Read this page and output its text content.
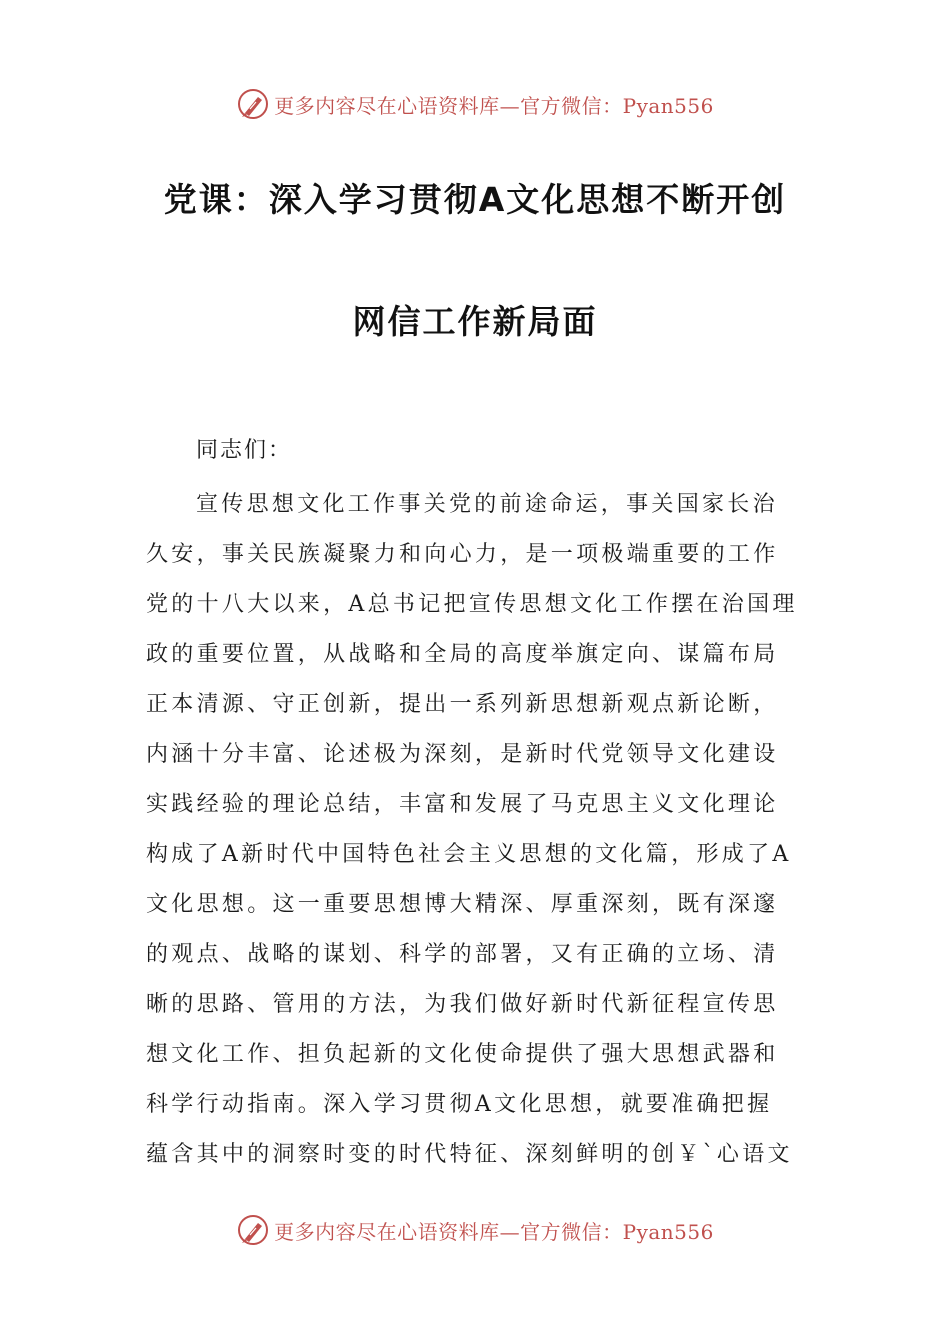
更多内容尽在心语资料库—官方微信：Pyan556
党课：深入学习贯彻A文化思想不断开创
网信工作新局面
同志们：
宣传思想文化工作事关党的前途命运，事关国家长治
久安，事关民族凝聚力和向心力，是一项极端重要的工作
党的十八大以来，A总书记把宣传思想文化工作摆在治国理
政的重要位置，从战略和全局的高度举旗定向、谋篇布局
正本清源、守正创新，提出一系列新思想新观点新论断，
内涵十分丰富、论述极为深刻，是新时代党领导文化建设
实践经验的理论总结，丰富和发展了马克思主义文化理论
构成了A新时代中国特色社会主义思想的文化篇，形成了A
文化思想。这一重要思想博大精深、厚重深刻，既有深邃
的观点、战略的谋划、科学的部署，又有正确的立场、清
晰的思路、管用的方法，为我们做好新时代新征程宣传思
想文化工作、担负起新的文化使命提供了强大思想武器和
科学行动指南。深入学习贯彻A文化思想，就要准确把握
蕴含其中的洞察时变的时代特征、深刻鲜明的创￥`心语文
更多内容尽在心语资料库—官方微信：Pyan556
